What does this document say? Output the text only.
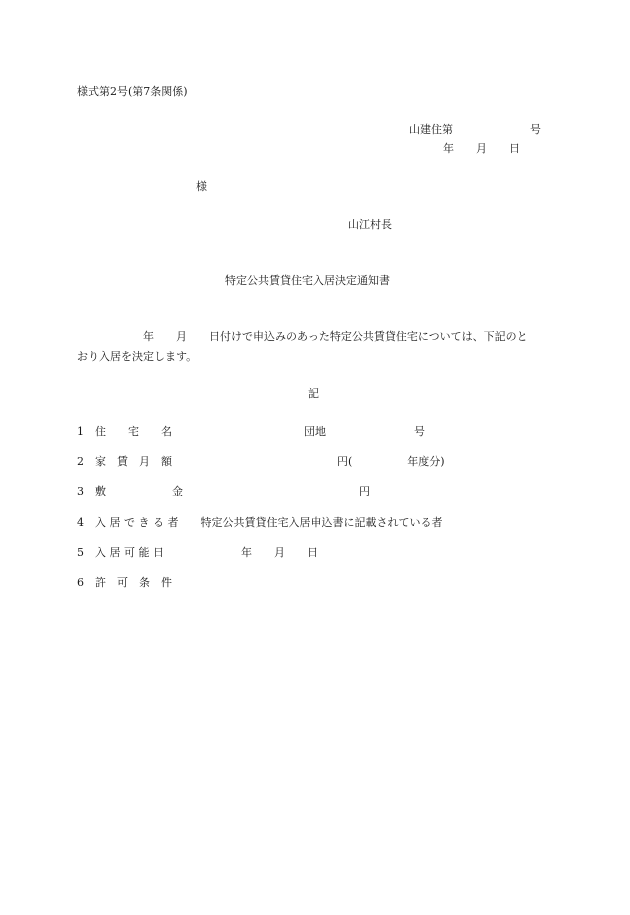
様式第2号(第7条関係)
山建住第　　　　　　　号
年　　月　　日
様
山江村長
特定公共賃貸住宅入居決定通知書
　　　　　　年　　月　　日付けで申込みのあった特定公共賃貸住宅については、下記のと
おり入居を決定します。
記
1　住　　宅　　名　　　　　　　　　　　　団地　　　　　　　　号
2　家　賃　月　額　　　　　　　　　　　　　　　円(　　　　　年度分)
3　敷　　　　　　金　　　　　　　　　　　　　　　　円
4　入 居 で き る 者　　特定公共賃貸住宅入居申込書に記載されている者
5　入 居 可 能 日　　　　　　　年　　月　　日
6　許　可　条　件
